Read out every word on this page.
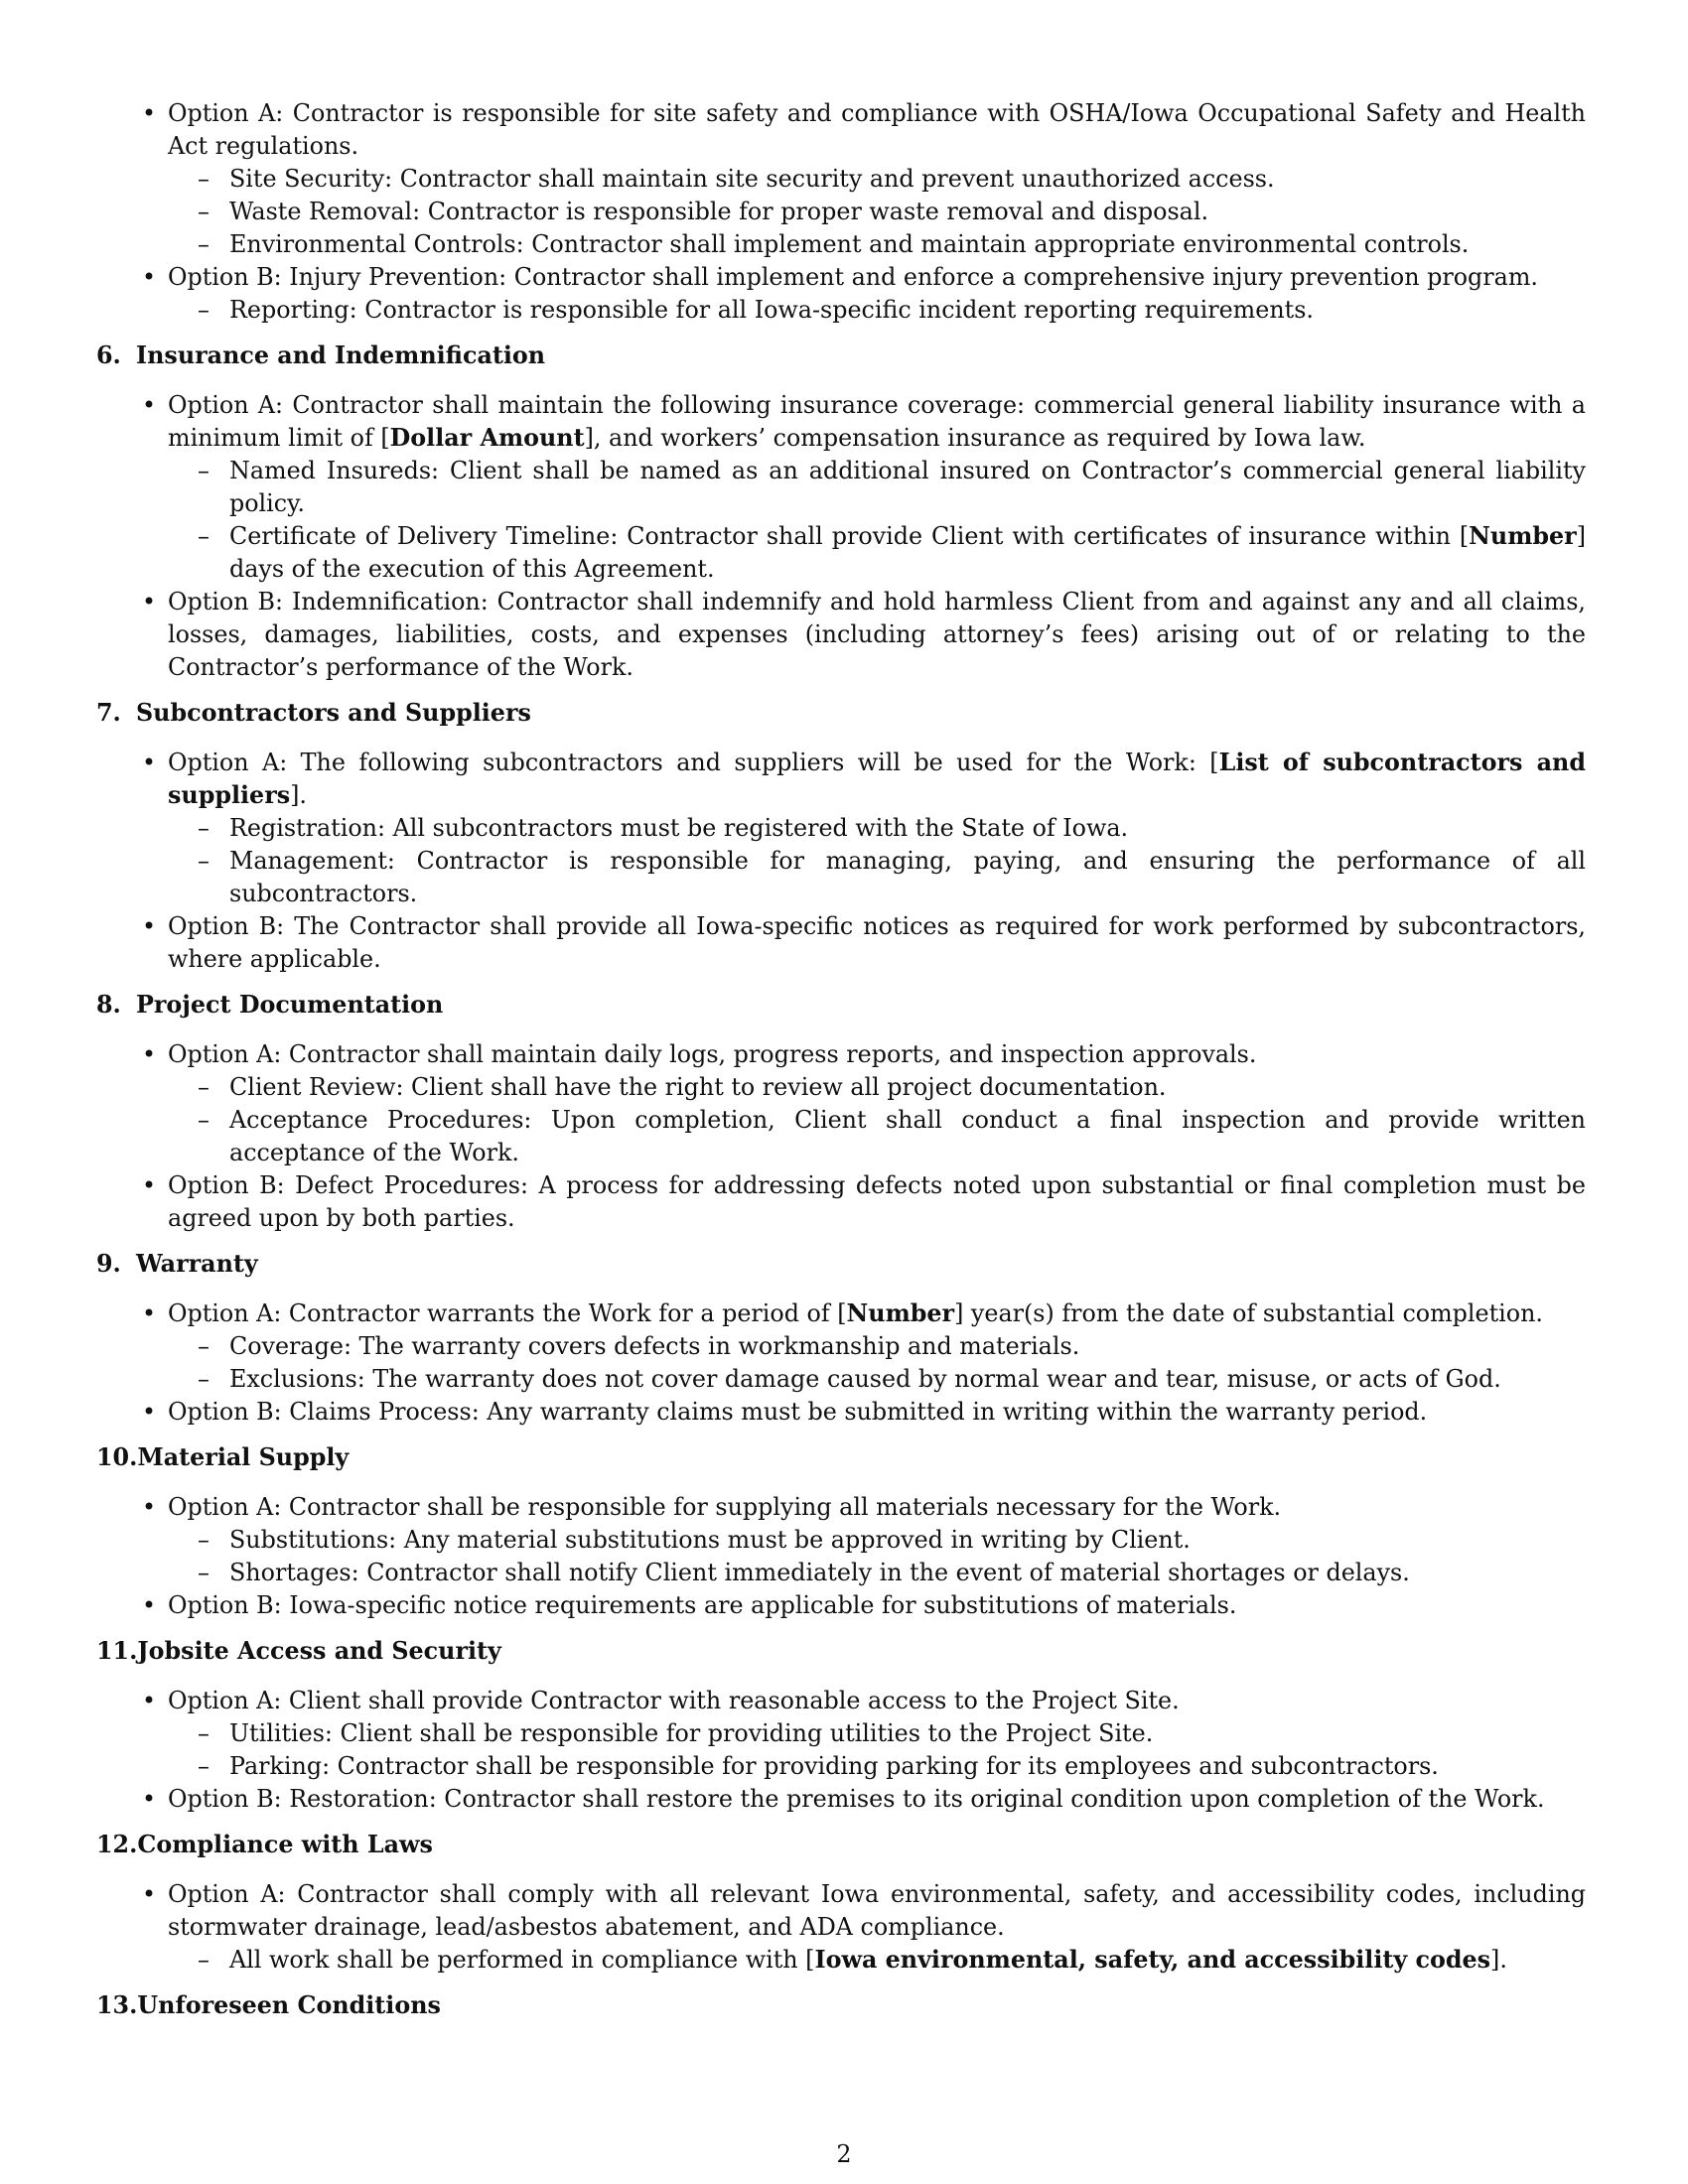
• Option A: Contractor is responsible for site safety and compliance with OSHA/Iowa Occupational Safety and Health Act regulations.
– Site Security: Contractor shall maintain site security and prevent unauthorized access.
– Waste Removal: Contractor is responsible for proper waste removal and disposal.
– Environmental Controls: Contractor shall implement and maintain appropriate environmental controls.
• Option B: Injury Prevention: Contractor shall implement and enforce a comprehensive injury prevention program.
– Reporting: Contractor is responsible for all Iowa-specific incident reporting requirements.
6. Insurance and Indemnification
• Option A: Contractor shall maintain the following insurance coverage: commercial general liability insurance with a minimum limit of [Dollar Amount], and workers’ compensation insurance as required by Iowa law.
– Named Insureds: Client shall be named as an additional insured on Contractor’s commercial general liability policy.
– Certificate of Delivery Timeline: Contractor shall provide Client with certificates of insurance within [Number] days of the execution of this Agreement.
• Option B: Indemnification: Contractor shall indemnify and hold harmless Client from and against any and all claims, losses, damages, liabilities, costs, and expenses (including attorney’s fees) arising out of or relating to the Contractor’s performance of the Work.
7. Subcontractors and Suppliers
• Option A: The following subcontractors and suppliers will be used for the Work: [List of subcontractors and suppliers].
– Registration: All subcontractors must be registered with the State of Iowa.
– Management: Contractor is responsible for managing, paying, and ensuring the performance of all subcontractors.
• Option B: The Contractor shall provide all Iowa-specific notices as required for work performed by subcontractors, where applicable.
8. Project Documentation
• Option A: Contractor shall maintain daily logs, progress reports, and inspection approvals.
– Client Review: Client shall have the right to review all project documentation.
– Acceptance Procedures: Upon completion, Client shall conduct a final inspection and provide written acceptance of the Work.
• Option B: Defect Procedures: A process for addressing defects noted upon substantial or final completion must be agreed upon by both parties.
9. Warranty
• Option A: Contractor warrants the Work for a period of [Number] year(s) from the date of substantial completion.
– Coverage: The warranty covers defects in workmanship and materials.
– Exclusions: The warranty does not cover damage caused by normal wear and tear, misuse, or acts of God.
• Option B: Claims Process: Any warranty claims must be submitted in writing within the warranty period.
10.Material Supply
• Option A: Contractor shall be responsible for supplying all materials necessary for the Work.
– Substitutions: Any material substitutions must be approved in writing by Client.
– Shortages: Contractor shall notify Client immediately in the event of material shortages or delays.
• Option B: Iowa-specific notice requirements are applicable for substitutions of materials.
11.Jobsite Access and Security
• Option A: Client shall provide Contractor with reasonable access to the Project Site.
– Utilities: Client shall be responsible for providing utilities to the Project Site.
– Parking: Contractor shall be responsible for providing parking for its employees and subcontractors.
• Option B: Restoration: Contractor shall restore the premises to its original condition upon completion of the Work.
12.Compliance with Laws
• Option A: Contractor shall comply with all relevant Iowa environmental, safety, and accessibility codes, including stormwater drainage, lead/asbestos abatement, and ADA compliance.
– All work shall be performed in compliance with [Iowa environmental, safety, and accessibility codes].
13.Unforeseen Conditions
2
